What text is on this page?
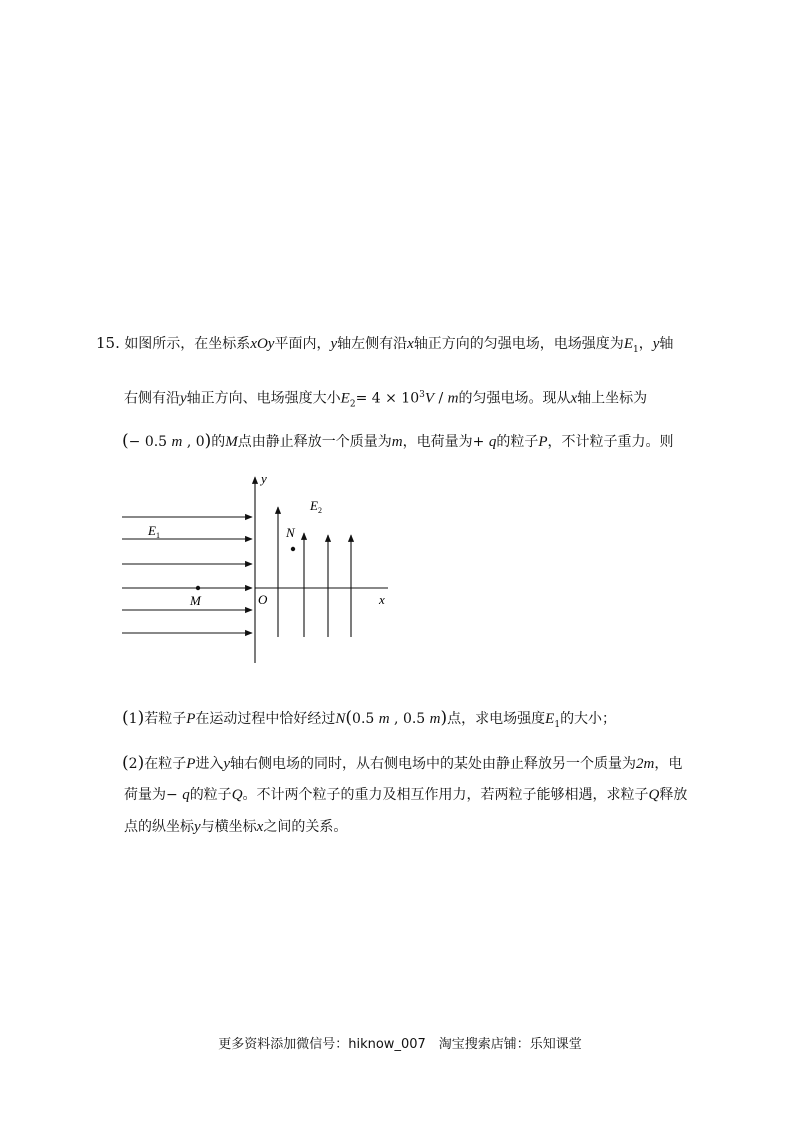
15. 如图所示，在坐标系xOy平面内，y轴左侧有沿x轴正方向的匀强电场，电场强度为$E_1$，y轴
右侧有沿y轴正方向、电场强度大小$E_2= 4 \times 10^3V / m$的匀强电场。现从x轴上坐标为
(− 0.5 m , 0)的M点由静止释放一个质量为m，电荷量为+ q的粒子P，不计粒子重力。则
y
x
O
M
N
$E_1$
$E_2$
(1)若粒子P在运动过程中恰好经过N(0.5 m , 0.5 m)点，求电场强度$E_1$的大小；
(2)在粒子P进入y轴右侧电场的同时，从右侧电场中的某处由静止释放另一个质量为2m，电
荷量为− q的粒子Q。不计两个粒子的重力及相互作用力，若两粒子能够相遇，求粒子Q释放
点的纵坐标y与横坐标x之间的关系。
更多资料添加微信号：hiknow_007　淘宝搜索店铺：乐知课堂
